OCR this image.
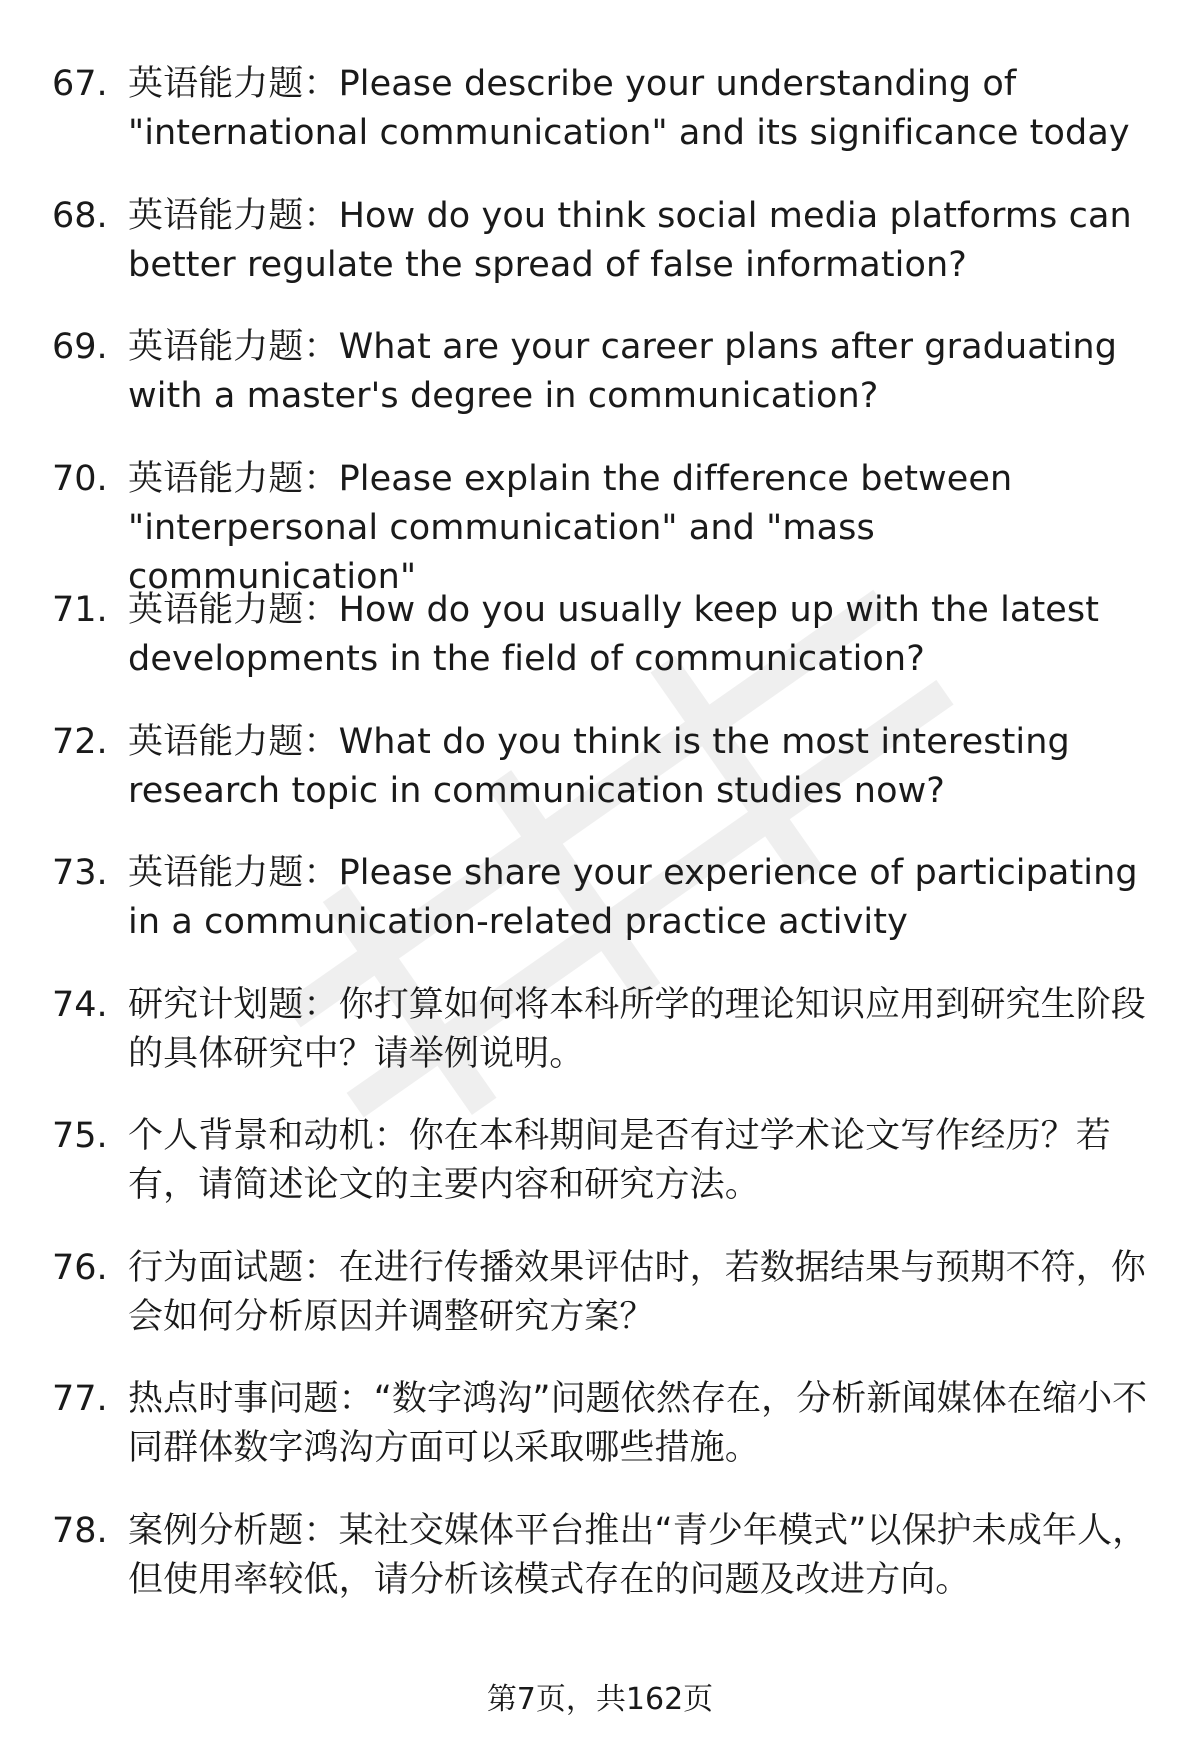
67. 英语能力题：Please describe your understanding of "international communication" and its significance today
68. 英语能力题：How do you think social media platforms can better regulate the spread of false information?
69. 英语能力题：What are your career plans after graduating with a master's degree in communication?
70. 英语能力题：Please explain the difference between "interpersonal communication" and "mass communication"
71. 英语能力题：How do you usually keep up with the latest developments in the field of communication?
72. 英语能力题：What do you think is the most interesting research topic in communication studies now?
73. 英语能力题：Please share your experience of participating in a communication-related practice activity
74. 研究计划题：你打算如何将本科所学的理论知识应用到研究生阶段的具体研究中？请举例说明。
75. 个人背景和动机：你在本科期间是否有过学术论文写作经历？若有，请简述论文的主要内容和研究方法。
76. 行为面试题：在进行传播效果评估时，若数据结果与预期不符，你会如何分析原因并调整研究方案？
77. 热点时事问题：“数字鸿沟”问题依然存在，分析新闻媒体在缩小不同群体数字鸿沟方面可以采取哪些措施。
78. 案例分析题：某社交媒体平台推出“青少年模式”以保护未成年人，但使用率较低，请分析该模式存在的问题及改进方向。
第7页，共162页
